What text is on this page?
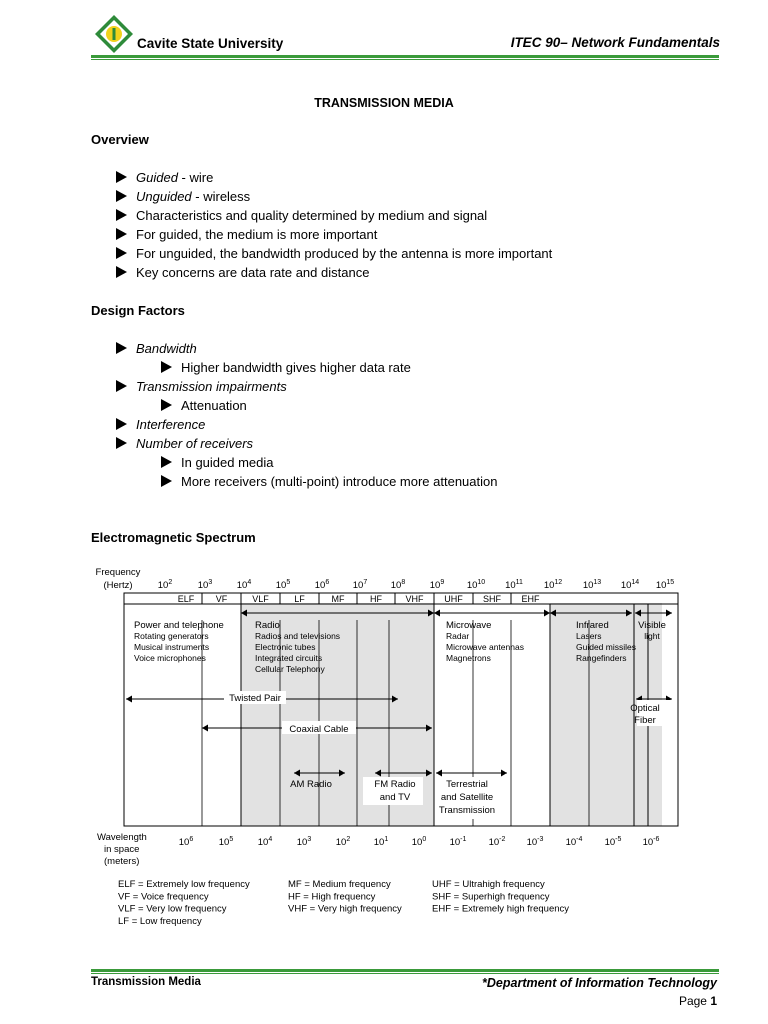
Cavite State University	ITEC 90– Network Fundamentals
TRANSMISSION MEDIA
Overview
Guided - wire
Unguided - wireless
Characteristics and quality determined by medium and signal
For guided, the medium is more important
For unguided, the bandwidth produced by the antenna is more important
Key concerns are data rate and distance
Design Factors
Bandwidth
Higher bandwidth gives higher data rate
Transmission impairments
Attenuation
Interference
Number of receivers
In guided media
More receivers (multi-point) introduce more attenuation
Electromagnetic Spectrum
Frequency
(Hertz)	$10^2$	$10^3$	$10^4$	$10^5$	$10^6$ $10^7$ $10^8$	$10^9$ $10^{10}$ $10^{11}$ $10^{12}$ $10^{13}$ $10^{14}$ $10^{15}$
ELF VF	VLF	LF	MF	HF	VHF UHF SHF EHF
Power and telephone
Rotating generators
Musical instruments
Voice microphones
Radio
Radios and televisions
Electronic tubes
Integrated circuits
Cellular Telephony
Microwave
Radar
Microwave antennas
Magnetrons
Infrared
Lasers
Guided missiles
Rangefinders
Visible
light
Twisted Pair
Optical
Fiber
Coaxial Cable
AM Radio	FM Radio
and TV
Terrestrial
and Satellite
Transmission
Wavelength
in space
(meters)
$10^6$	$10^5$	$10^4$	$10^3$	$10^2$ $10^1$ $10^0$ $10^{-1}$ $10^{-2}$ $10^{-3}$ $10^{-4}$ $10^{-5}$ $10^{-6}$
ELF = Extremely low frequency	MF = Medium frequency	UHF = Ultrahigh frequency
VF = Voice frequency	HF = High frequency	SHF = Superhigh frequency
VLF = Very low frequency	VHF = Very high frequency	EHF = Extremely high frequency
LF = Low frequency
Transmission Media	*Department of Information Technology
Page 1
